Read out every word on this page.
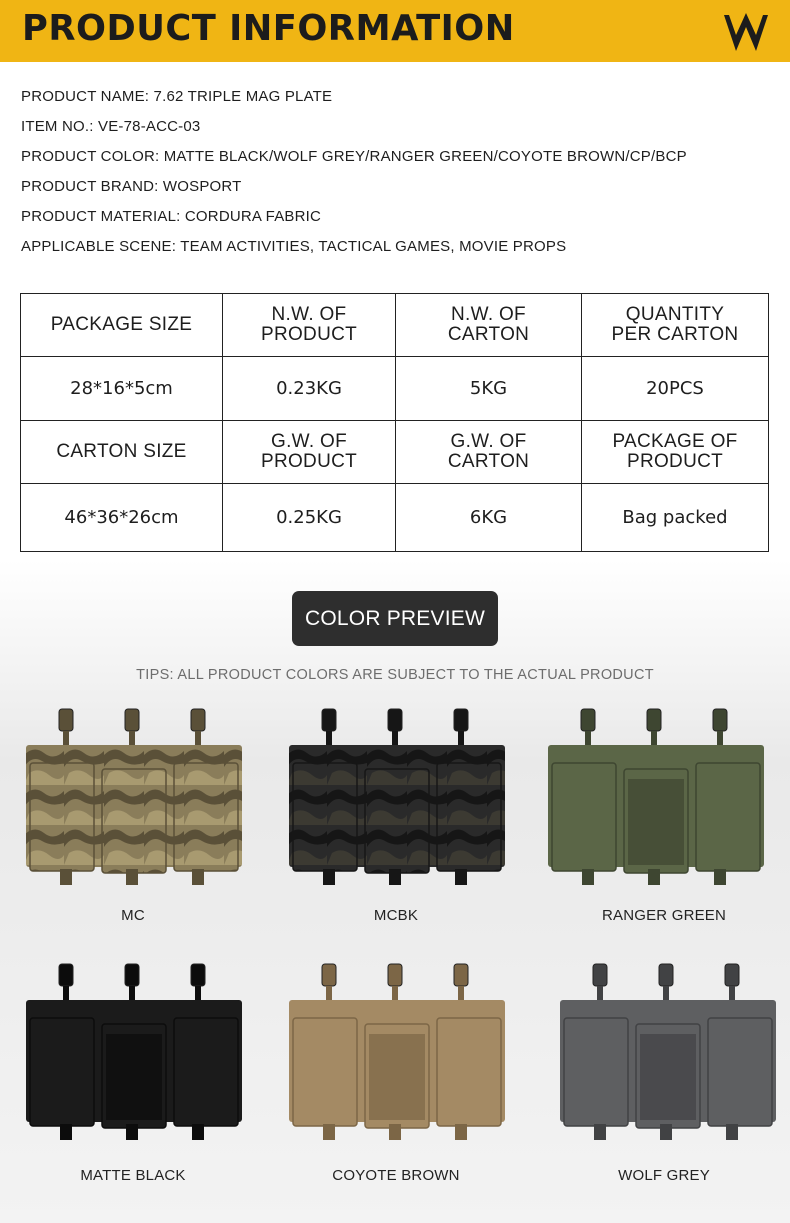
PRODUCT INFORMATION
PRODUCT NAME: 7.62 TRIPLE MAG PLATE
ITEM NO.: VE-78-ACC-03
PRODUCT COLOR: MATTE BLACK/WOLF GREY/RANGER GREEN/COYOTE BROWN/CP/BCP
PRODUCT BRAND: WOSPORT
PRODUCT MATERIAL: CORDURA FABRIC
APPLICABLE SCENE: TEAM ACTIVITIES, TACTICAL GAMES, MOVIE PROPS
PACKAGE SIZE	N.W. OF PRODUCT	N.W. OF CARTON	QUANTITY PER CARTON
28*16*5cm	0.23KG	5KG	20PCS
CARTON SIZE	G.W. OF PRODUCT	G.W. OF CARTON	PACKAGE OF PRODUCT
46*36*26cm	0.25KG	6KG	Bag packed
COLOR PREVIEW
TIPS: ALL PRODUCT COLORS ARE SUBJECT TO THE ACTUAL PRODUCT
MC	MCBK	RANGER GREEN
MATTE BLACK	COYOTE BROWN	WOLF GREY
